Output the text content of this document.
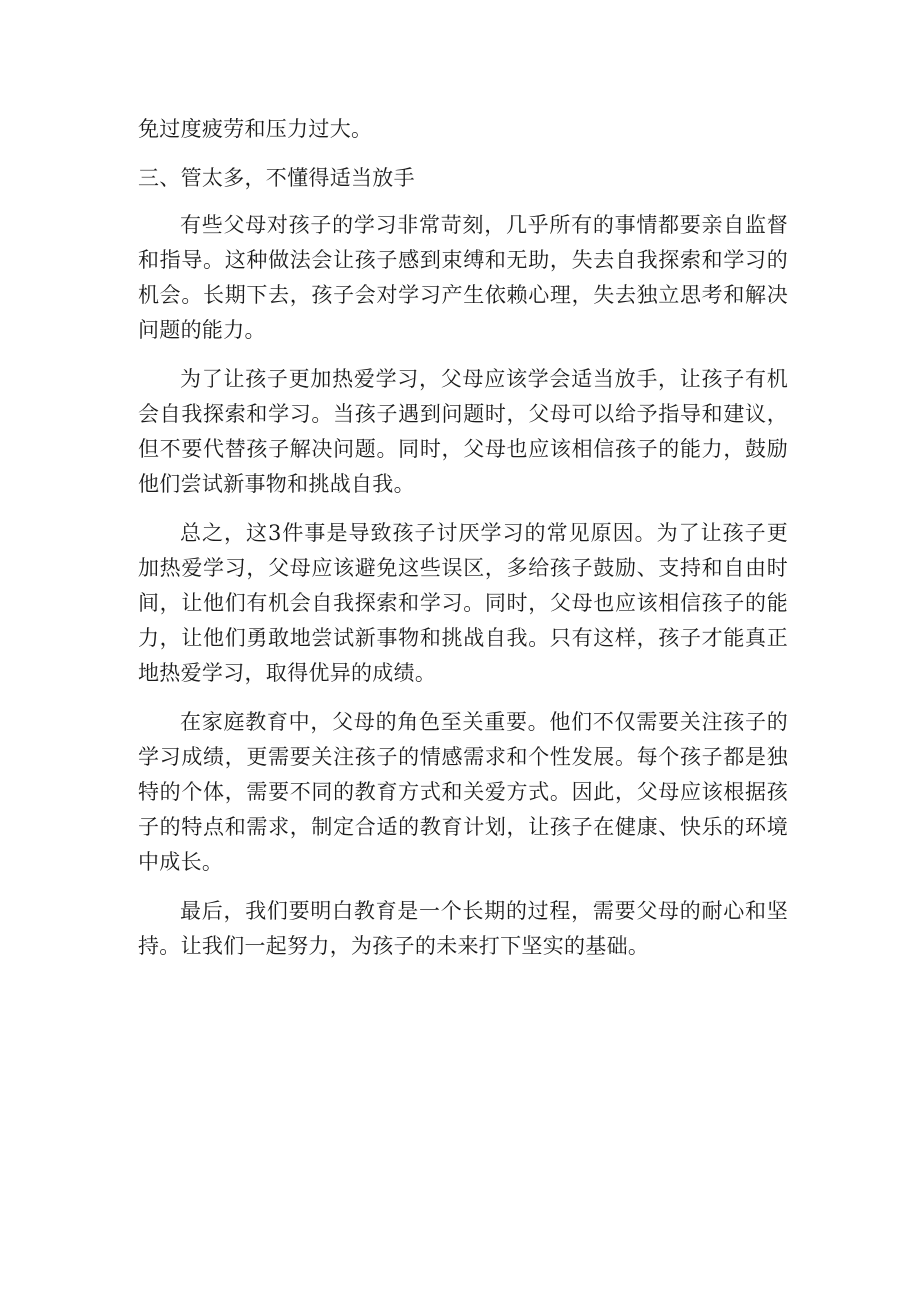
免过度疲劳和压力过大。

三、管太多，不懂得适当放手

有些父母对孩子的学习非常苛刻，几乎所有的事情都要亲自监督和指导。这种做法会让孩子感到束缚和无助，失去自我探索和学习的机会。长期下去，孩子会对学习产生依赖心理，失去独立思考和解决问题的能力。

为了让孩子更加热爱学习，父母应该学会适当放手，让孩子有机会自我探索和学习。当孩子遇到问题时，父母可以给予指导和建议，但不要代替孩子解决问题。同时，父母也应该相信孩子的能力，鼓励他们尝试新事物和挑战自我。

总之，这3件事是导致孩子讨厌学习的常见原因。为了让孩子更加热爱学习，父母应该避免这些误区，多给孩子鼓励、支持和自由时间，让他们有机会自我探索和学习。同时，父母也应该相信孩子的能力，让他们勇敢地尝试新事物和挑战自我。只有这样，孩子才能真正地热爱学习，取得优异的成绩。

在家庭教育中，父母的角色至关重要。他们不仅需要关注孩子的学习成绩，更需要关注孩子的情感需求和个性发展。每个孩子都是独特的个体，需要不同的教育方式和关爱方式。因此，父母应该根据孩子的特点和需求，制定合适的教育计划，让孩子在健康、快乐的环境中成长。

最后，我们要明白教育是一个长期的过程，需要父母的耐心和坚持。让我们一起努力，为孩子的未来打下坚实的基础。
